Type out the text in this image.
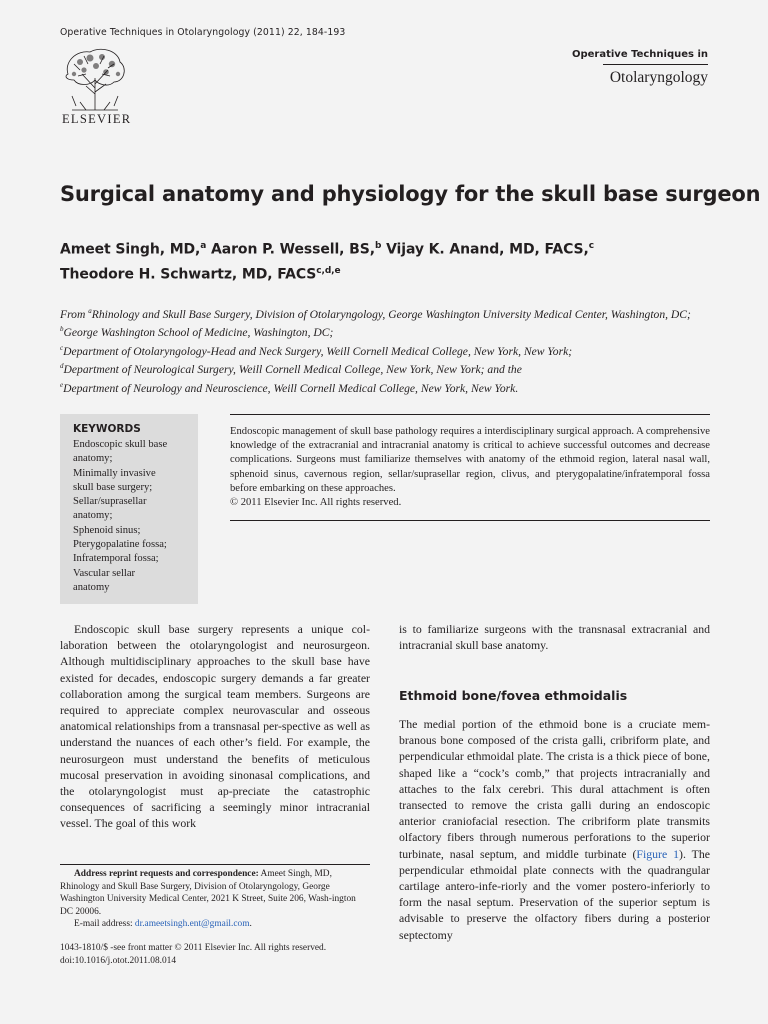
Operative Techniques in Otolaryngology (2011) 22, 184-193
ELSEVIER
Operative Techniques in
Otolaryngology
Surgical anatomy and physiology for the skull base surgeon
Ameet Singh, MD,$^a$ Aaron P. Wessell, BS,$^b$ Vijay K. Anand, MD, FACS,$^c$
Theodore H. Schwartz, MD, FACS$^{c,d,e}$
From $^a$Rhinology and Skull Base Surgery, Division of Otolaryngology, George Washington University Medical Center, Washington, DC;
$^b$George Washington School of Medicine, Washington, DC;
$^c$Department of Otolaryngology-Head and Neck Surgery, Weill Cornell Medical College, New York, New York;
$^d$Department of Neurological Surgery, Weill Cornell Medical College, New York, New York; and the
$^e$Department of Neurology and Neuroscience, Weill Cornell Medical College, New York, New York.
KEYWORDS
Endoscopic skull base
anatomy;
Minimally invasive
skull base surgery;
Sellar/suprasellar
anatomy;
Sphenoid sinus;
Pterygopalatine fossa;
Infratemporal fossa;
Vascular sellar
anatomy
Endoscopic management of skull base pathology requires a interdisciplinary surgical approach. A comprehensive knowledge of the extracranial and intracranial anatomy is critical to achieve successful outcomes and decrease complications. Surgeons must familiarize themselves with anatomy of the ethmoid region, lateral nasal wall, sphenoid sinus, cavernous region, sellar/suprasellar region, clivus, and pterygopalatine/infratemporal fossa before embarking on these approaches.
© 2011 Elsevier Inc. All rights reserved.

Endoscopic skull base surgery represents a unique col-laboration between the otolaryngologist and neurosurgeon. Although multidisciplinary approaches to the skull base have existed for decades, endoscopic surgery demands a far greater collaboration among the surgical team members. Surgeons are required to appreciate complex neurovascular and osseous anatomical relationships from a transnasal per-spective as well as understand the nuances of each other’s field. For example, the neurosurgeon must understand the benefits of meticulous mucosal preservation in avoiding sinonasal complications, and the otolaryngologist must ap-preciate the catastrophic consequences of sacrificing a seemingly minor intracranial vessel. The goal of this work

is to familiarize surgeons with the transnasal extracranial and intracranial skull base anatomy.

Ethmoid bone/fovea ethmoidalis

The medial portion of the ethmoid bone is a cruciate mem-branous bone composed of the crista galli, cribriform plate, and perpendicular ethmoidal plate. The crista is a thick piece of bone, shaped like a “cock’s comb,” that projects intracranially and attaches to the falx cerebri. This dural attachment is often transected to remove the crista galli during an endoscopic anterior craniofacial resection. The cribriform plate transmits olfactory fibers through numerous perforations to the superior turbinate, nasal septum, and middle turbinate (Figure 1). The perpendicular ethmoidal plate connects with the quadrangular cartilage antero-infe-riorly and the vomer postero-inferiorly to form the nasal septum. Preservation of the superior septum is advisable to preserve the olfactory fibers during a posterior septectomy

Address reprint requests and correspondence: Ameet Singh, MD, Rhinology and Skull Base Surgery, Division of Otolaryngology, George Washington University Medical Center, 2021 K Street, Suite 206, Wash-ington DC 20006.

E-mail address: dr.ameetsingh.ent@gmail.com.

1043-1810/$ -see front matter © 2011 Elsevier Inc. All rights reserved.
doi:10.1016/j.otot.2011.08.014
